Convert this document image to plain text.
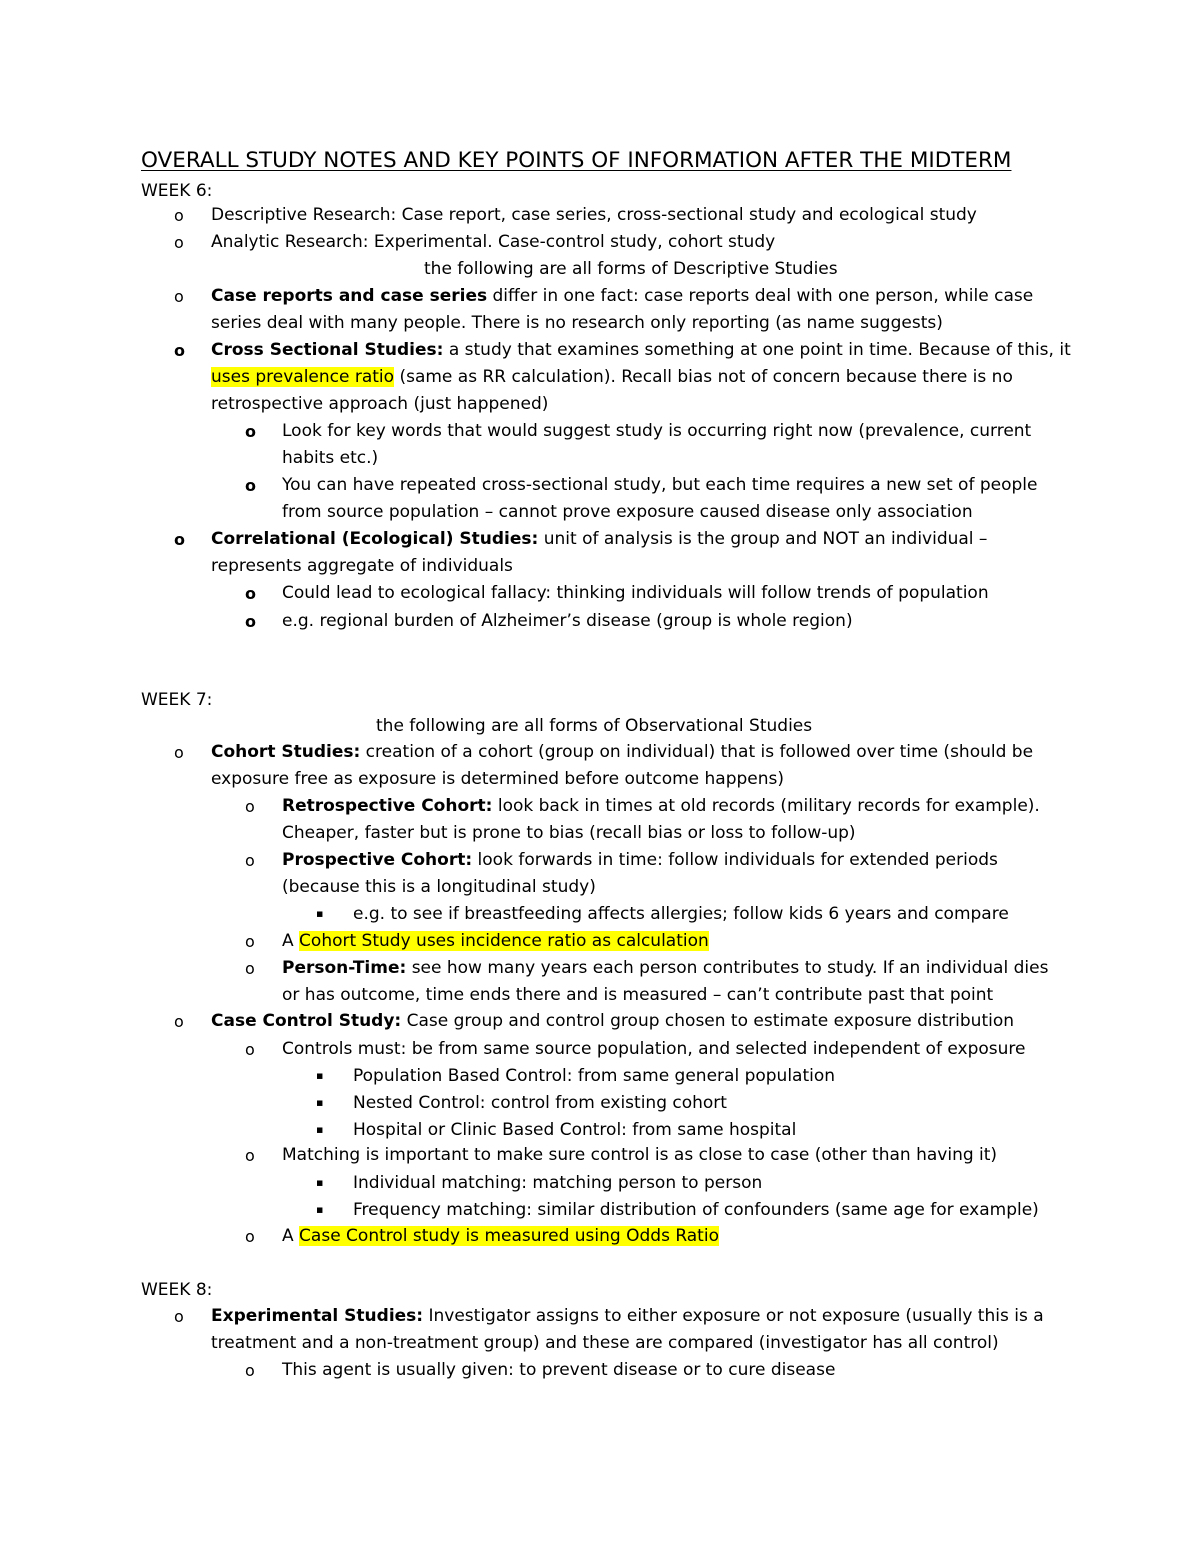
OVERALL STUDY NOTES AND KEY POINTS OF INFORMATION AFTER THE MIDTERM
WEEK 6:
o Descriptive Research: Case report, case series, cross-sectional study and ecological study
o Analytic Research: Experimental. Case-control study, cohort study
the following are all forms of Descriptive Studies
o Case reports and case series differ in one fact: case reports deal with one person, while case
series deal with many people. There is no research only reporting (as name suggests)
o Cross Sectional Studies: a study that examines something at one point in time. Because of this, it
uses prevalence ratio (same as RR calculation). Recall bias not of concern because there is no
retrospective approach (just happened)
o Look for key words that would suggest study is occurring right now (prevalence, current
habits etc.)
o You can have repeated cross-sectional study, but each time requires a new set of people
from source population – cannot prove exposure caused disease only association
o Correlational (Ecological) Studies: unit of analysis is the group and NOT an individual –
represents aggregate of individuals
o Could lead to ecological fallacy: thinking individuals will follow trends of population
o e.g. regional burden of Alzheimer’s disease (group is whole region)
WEEK 7:
the following are all forms of Observational Studies
o Cohort Studies: creation of a cohort (group on individual) that is followed over time (should be
exposure free as exposure is determined before outcome happens)
o Retrospective Cohort: look back in times at old records (military records for example).
Cheaper, faster but is prone to bias (recall bias or loss to follow-up)
o Prospective Cohort: look forwards in time: follow individuals for extended periods
(because this is a longitudinal study)
▪ e.g. to see if breastfeeding affects allergies; follow kids 6 years and compare
o A Cohort Study uses incidence ratio as calculation
o Person-Time: see how many years each person contributes to study. If an individual dies
or has outcome, time ends there and is measured – can’t contribute past that point
o Case Control Study: Case group and control group chosen to estimate exposure distribution
o Controls must: be from same source population, and selected independent of exposure
▪ Population Based Control: from same general population
▪ Nested Control: control from existing cohort
▪ Hospital or Clinic Based Control: from same hospital
o Matching is important to make sure control is as close to case (other than having it)
▪ Individual matching: matching person to person
▪ Frequency matching: similar distribution of confounders (same age for example)
o A Case Control study is measured using Odds Ratio
WEEK 8:
o Experimental Studies: Investigator assigns to either exposure or not exposure (usually this is a
treatment and a non-treatment group) and these are compared (investigator has all control)
o This agent is usually given: to prevent disease or to cure disease
